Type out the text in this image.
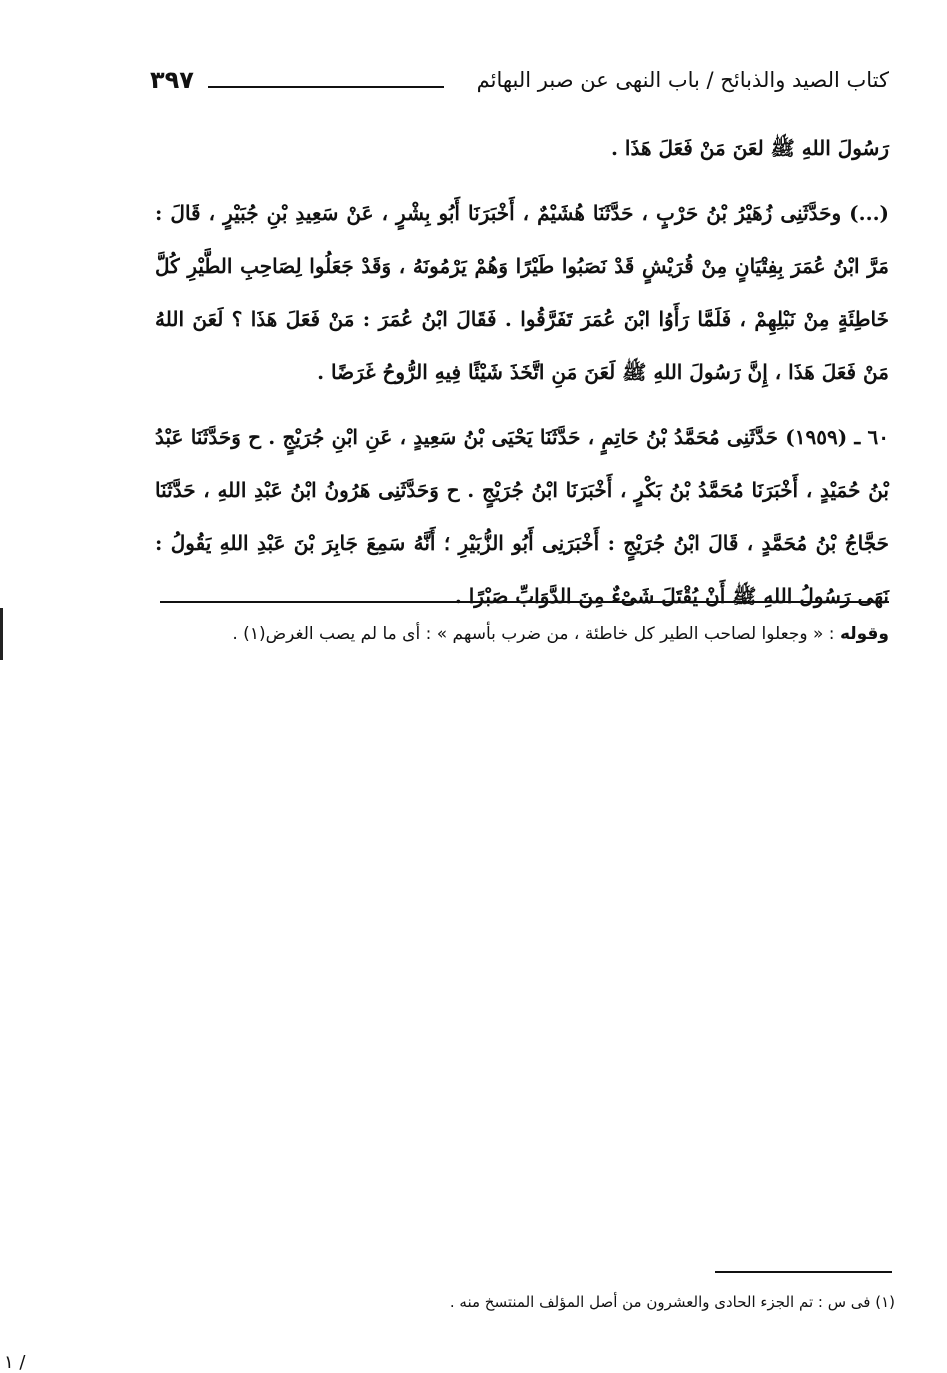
كتاب الصيد والذبائح / باب النهى عن صبر البهائم
٣٩٧

رَسُولَ اللهِ ﷺ لعَنَ مَنْ فَعَلَ هَذَا .

(...) وحَدَّثَنِى زُهَيْرُ بْنُ حَرْبٍ ، حَدَّثَنَا هُشَيْمٌ ، أَخْبَرَنَا أَبُو بِشْرٍ ، عَنْ سَعِيدِ بْنِ جُبَيْرٍ ، قَالَ : مَرَّ ابْنُ عُمَرَ بِفِتْيَانٍ مِنْ قُرَيْشٍ قَدْ نَصَبُوا طَيْرًا وَهُمْ يَرْمُونَهُ ، وَقَدْ جَعَلُوا لِصَاحِبِ الطَّيْرِ كُلَّ خَاطِئَةٍ مِنْ نَبْلِهِمْ ، فَلَمَّا رَأَوُا ابْنَ عُمَرَ تَفَرَّقُوا . فَقَالَ ابْنُ عُمَرَ : مَنْ فَعَلَ هَذَا ؟ لَعَنَ اللهُ مَنْ فَعَلَ هَذَا ، إِنَّ رَسُولَ اللهِ ﷺ لَعَنَ مَنِ اتَّخَذَ شَيْئًا فِيهِ الرُّوحُ غَرَضًا .

٦٠ ـ (١٩٥٩) حَدَّثَنِى مُحَمَّدُ بْنُ حَاتِمٍ ، حَدَّثَنَا يَحْيَى بْنُ سَعِيدٍ ، عَنِ ابْنِ جُرَيْجٍ . ح وَحَدَّثَنَا عَبْدُ بْنُ حُمَيْدٍ ، أَخْبَرَنَا مُحَمَّدُ بْنُ بَكْرٍ ، أَخْبَرَنَا ابْنُ جُرَيْجٍ . ح وَحَدَّثَنِى هَرُونُ ابْنُ عَبْدِ اللهِ ، حَدَّثَنَا حَجَّاجُ بْنُ مُحَمَّدٍ ، قَالَ ابْنُ جُرَيْجٍ : أَخْبَرَنِى أَبُو الزُّبَيْرِ ؛ أَنَّهُ سَمِعَ جَابِرَ بْنَ عَبْدِ اللهِ يَقُولُ : نَهَى رَسُولُ اللهِ ﷺ أَنْ يُقْتَلَ شَىْءٌ مِنَ الدَّوَابِّ صَبْرًا .

وقوله : « وجعلوا لصاحب الطير كل خاطئة ، من ضرب بأسهم » : أى ما لم يصب الغرض(١) .
(١) فى س : تم الجزء الحادى والعشرون من أصل المؤلف المنتسخ منه .
١ /
